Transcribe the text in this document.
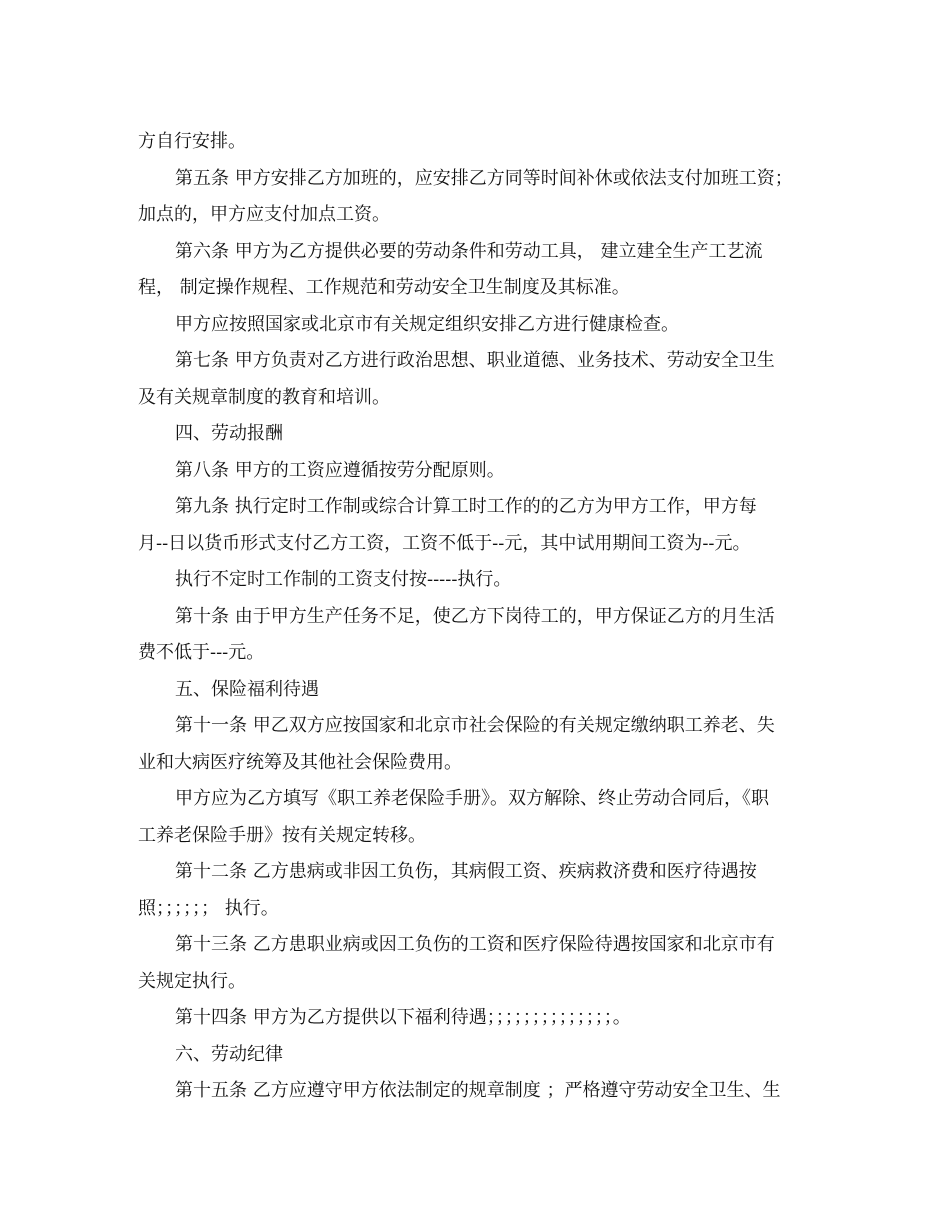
方自行安排。
第五条 甲方安排乙方加班的，应安排乙方同等时间补休或依法支付加班工资；
加点的，甲方应支付加点工资。
第六条 甲方为乙方提供必要的劳动条件和劳动工具， 建立建全生产工艺流
程， 制定操作规程、工作规范和劳动安全卫生制度及其标准。
甲方应按照国家或北京市有关规定组织安排乙方进行健康检查。
第七条 甲方负责对乙方进行政治思想、职业道德、业务技术、劳动安全卫生
及有关规章制度的教育和培训。
四、劳动报酬
第八条 甲方的工资应遵循按劳分配原则。
第九条 执行定时工作制或综合计算工时工作的的乙方为甲方工作，甲方每
月--日以货币形式支付乙方工资，工资不低于--元，其中试用期间工资为--元。
执行不定时工作制的工资支付按-----执行。
第十条 由于甲方生产任务不足，使乙方下岗待工的，甲方保证乙方的月生活
费不低于---元。
五、保险福利待遇
第十一条 甲乙双方应按国家和北京市社会保险的有关规定缴纳职工养老、失
业和大病医疗统筹及其他社会保险费用。
甲方应为乙方填写《职工养老保险手册》。双方解除、终止劳动合同后，《职
工养老保险手册》按有关规定转移。
第十二条 乙方患病或非因工负伤，其病假工资、疾病救济费和医疗待遇按
照；；；；；； 执行。
第十三条 乙方患职业病或因工负伤的工资和医疗保险待遇按国家和北京市有
关规定执行。
第十四条 甲方为乙方提供以下福利待遇；；；；；；；；；；；；；；。
六、劳动纪律
第十五条 乙方应遵守甲方依法制定的规章制度 ；严格遵守劳动安全卫生、生
